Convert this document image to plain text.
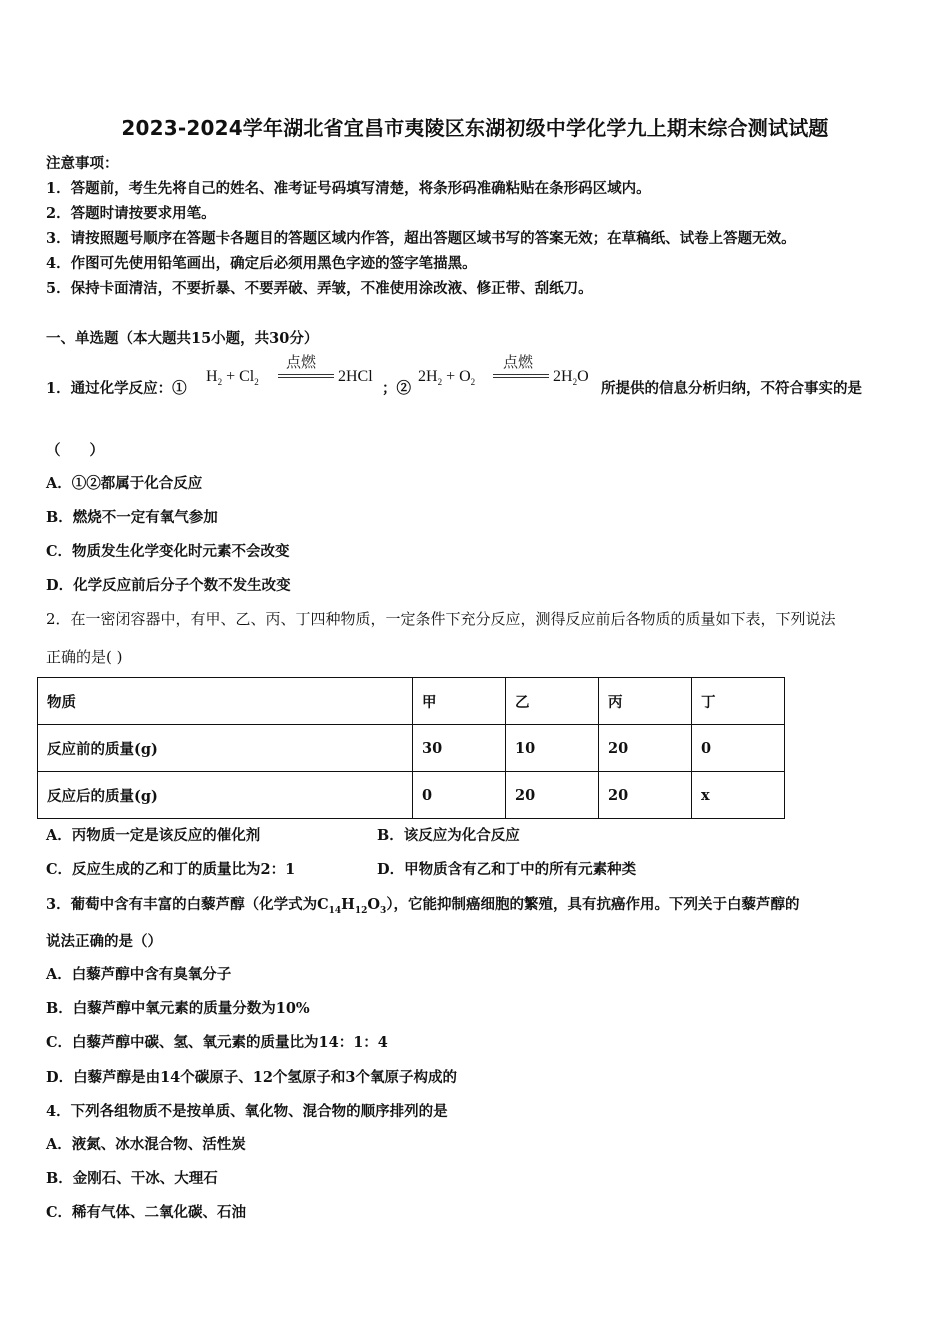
2023-2024学年湖北省宜昌市夷陵区东湖初级中学化学九上期末综合测试试题
注意事项：
1．答题前，考生先将自己的姓名、准考证号码填写清楚，将条形码准确粘贴在条形码区域内。
2．答题时请按要求用笔。
3．请按照题号顺序在答题卡各题目的答题区域内作答，超出答题区域书写的答案无效；在草稿纸、试卷上答题无效。
4．作图可先使用铅笔画出，确定后必须用黑色字迹的签字笔描黑。
5．保持卡面清洁，不要折暴、不要弄破、弄皱，不准使用涂改液、修正带、刮纸刀。
一、单选题（本大题共15小题，共30分）
1．通过化学反应：①
$H_2 + Cl_2$
点燃
2HCl
；②
$2H_2 + O_2$
点燃
$2H_2O$
所提供的信息分析归纳，不符合事实的是
（　　）
A．①②都属于化合反应
B．燃烧不一定有氧气参加
C．物质发生化学变化时元素不会改变
D．化学反应前后分子个数不发生改变
2．在一密闭容器中，有甲、乙、丙、丁四种物质，一定条件下充分反应，测得反应前后各物质的质量如下表，下列说法
正确的是( )
物质	甲	乙	丙	丁
反应前的质量(g)	30	10	20	0
反应后的质量(g)	0	20	20	x
A．丙物质一定是该反应的催化剂	B．该反应为化合反应
C．反应生成的乙和丁的质量比为2：1	D．甲物质含有乙和丁中的所有元素种类
3．葡萄中含有丰富的白藜芦醇（化学式为$C_{14}H_{12}O_3$），它能抑制癌细胞的繁殖，具有抗癌作用。下列关于白藜芦醇的
说法正确的是（）
A．白藜芦醇中含有臭氧分子
B．白藜芦醇中氧元素的质量分数为10%
C．白藜芦醇中碳、氢、氧元素的质量比为14：1：4
D．白藜芦醇是由14个碳原子、12个氢原子和3个氧原子构成的
4．下列各组物质不是按单质、氧化物、混合物的顺序排列的是
A．液氮、冰水混合物、活性炭
B．金刚石、干冰、大理石
C．稀有气体、二氧化碳、石油
